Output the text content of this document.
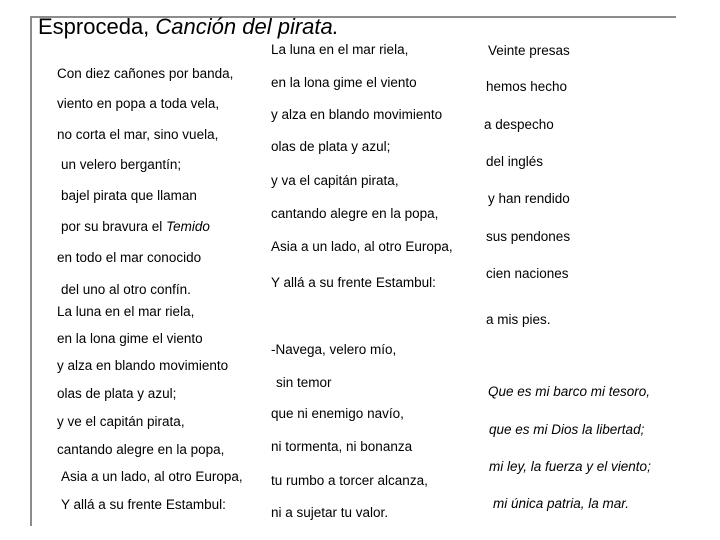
Esproceda, Canción del pirata.
Con diez cañones por banda,
viento en popa a toda vela,
no corta el mar, sino vuela,
un velero bergantín;
bajel pirata que llaman
por su bravura el Temido
en todo el mar conocido
del uno al otro confín.
La luna en el mar riela,
en la lona gime el viento
y alza en blando movimiento
olas de plata y azul;
y ve el capitán pirata,
cantando alegre en la popa,
Asia a un lado, al otro Europa,
Y allá a su frente Estambul:
La luna en el mar riela,
en la lona gime el viento
y alza en blando movimiento
olas de plata y azul;
y va el capitán pirata,
cantando alegre en la popa,
Asia a un lado, al otro Europa,
Y allá a su frente Estambul:
-Navega, velero mío,
sin temor
que ni enemigo navío,
ni tormenta, ni bonanza
tu rumbo a torcer alcanza,
ni a sujetar tu valor.
Veinte presas
hemos hecho
a despecho
del inglés
y han rendido
sus pendones
cien naciones
a mis pies.
Que es mi barco mi tesoro,
que es mi Dios la libertad;
mi ley, la fuerza y el viento;
mi única patria, la mar.
